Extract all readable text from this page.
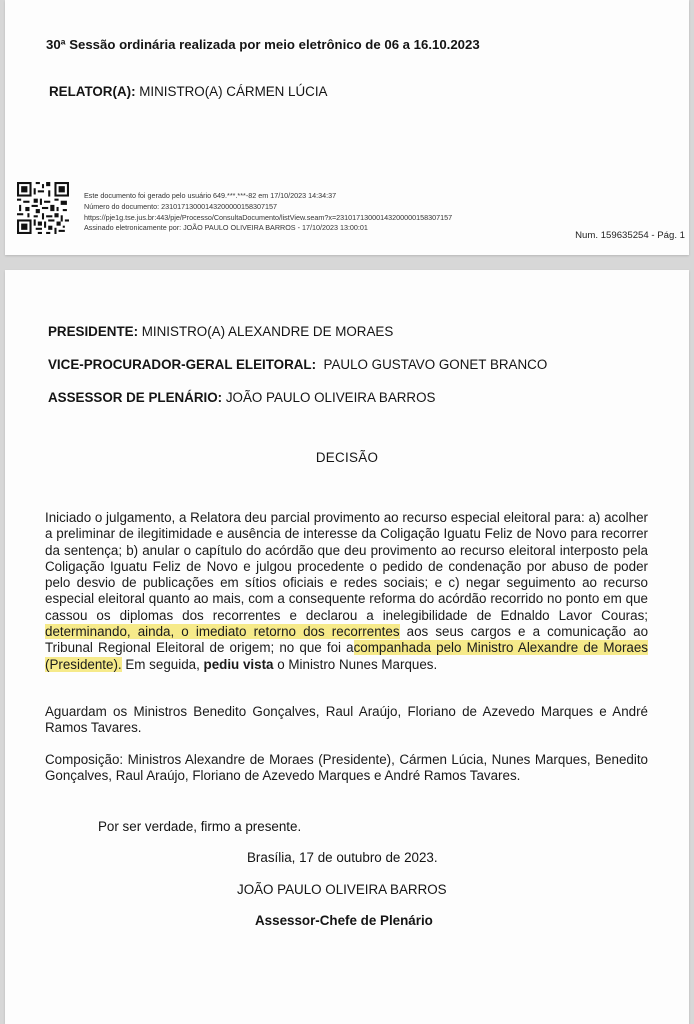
30ª Sessão ordinária realizada por meio eletrônico de 06 a 16.10.2023
RELATOR(A): MINISTRO(A) CÁRMEN LÚCIA
Este documento foi gerado pelo usuário 649.***.***-82 em 17/10/2023 14:34:37
Número do documento: 23101713000143200000158307157
https://pje1g.tse.jus.br:443/pje/Processo/ConsultaDocumento/listView.seam?x=23101713000143200000158307157
Assinado eletronicamente por: JOÃO PAULO OLIVEIRA BARROS - 17/10/2023 13:00:01
Num. 159635254 - Pág. 1
PRESIDENTE: MINISTRO(A) ALEXANDRE DE MORAES
VICE-PROCURADOR-GERAL ELEITORAL: PAULO GUSTAVO GONET BRANCO
ASSESSOR DE PLENÁRIO: JOÃO PAULO OLIVEIRA BARROS
DECISÃO
Iniciado o julgamento, a Relatora deu parcial provimento ao recurso especial eleitoral para: a) acolher a preliminar de ilegitimidade e ausência de interesse da Coligação Iguatu Feliz de Novo para recorrer da sentença; b) anular o capítulo do acórdão que deu provimento ao recurso eleitoral interposto pela Coligação Iguatu Feliz de Novo e julgou procedente o pedido de condenação por abuso de poder pelo desvio de publicações em sítios oficiais e redes sociais; e c) negar seguimento ao recurso especial eleitoral quanto ao mais, com a consequente reforma do acórdão recorrido no ponto em que cassou os diplomas dos recorrentes e declarou a inelegibilidade de Ednaldo Lavor Couras; determinando, ainda, o imediato retorno dos recorrentes aos seus cargos e a comunicação ao Tribunal Regional Eleitoral de origem; no que foi acompanhada pelo Ministro Alexandre de Moraes (Presidente). Em seguida, pediu vista o Ministro Nunes Marques.
Aguardam os Ministros Benedito Gonçalves, Raul Araújo, Floriano de Azevedo Marques e André Ramos Tavares.
Composição: Ministros Alexandre de Moraes (Presidente), Cármen Lúcia, Nunes Marques, Benedito Gonçalves, Raul Araújo, Floriano de Azevedo Marques e André Ramos Tavares.
Por ser verdade, firmo a presente.
Brasília, 17 de outubro de 2023.
JOÃO PAULO OLIVEIRA BARROS
Assessor-Chefe de Plenário
